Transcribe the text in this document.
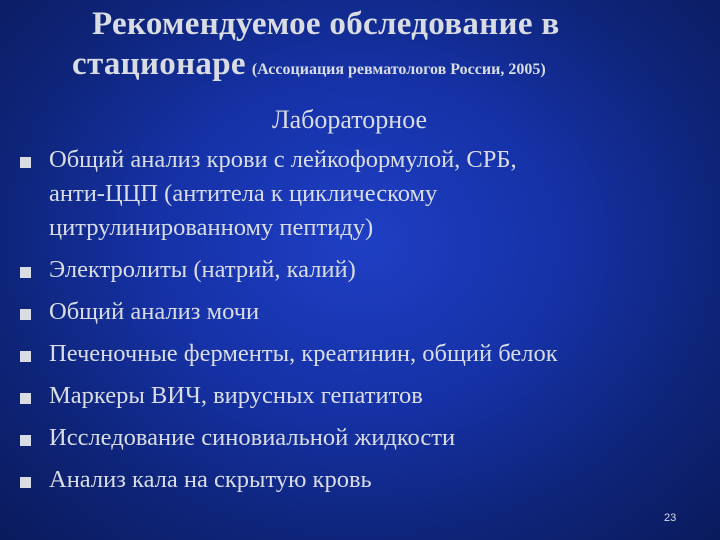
Рекомендуемое обследование в
стационаре (Ассоциация ревматологов России, 2005)
Лабораторное
Общий анализ крови с лейкоформулой, СРБ,
анти-ЦЦП (антитела к циклическому
цитрулинированному пептиду)
Электролиты (натрий, калий)
Общий анализ мочи
Печеночные ферменты, креатинин, общий белок
Маркеры ВИЧ, вирусных гепатитов
Исследование синовиальной жидкости
Анализ кала на скрытую кровь
23
